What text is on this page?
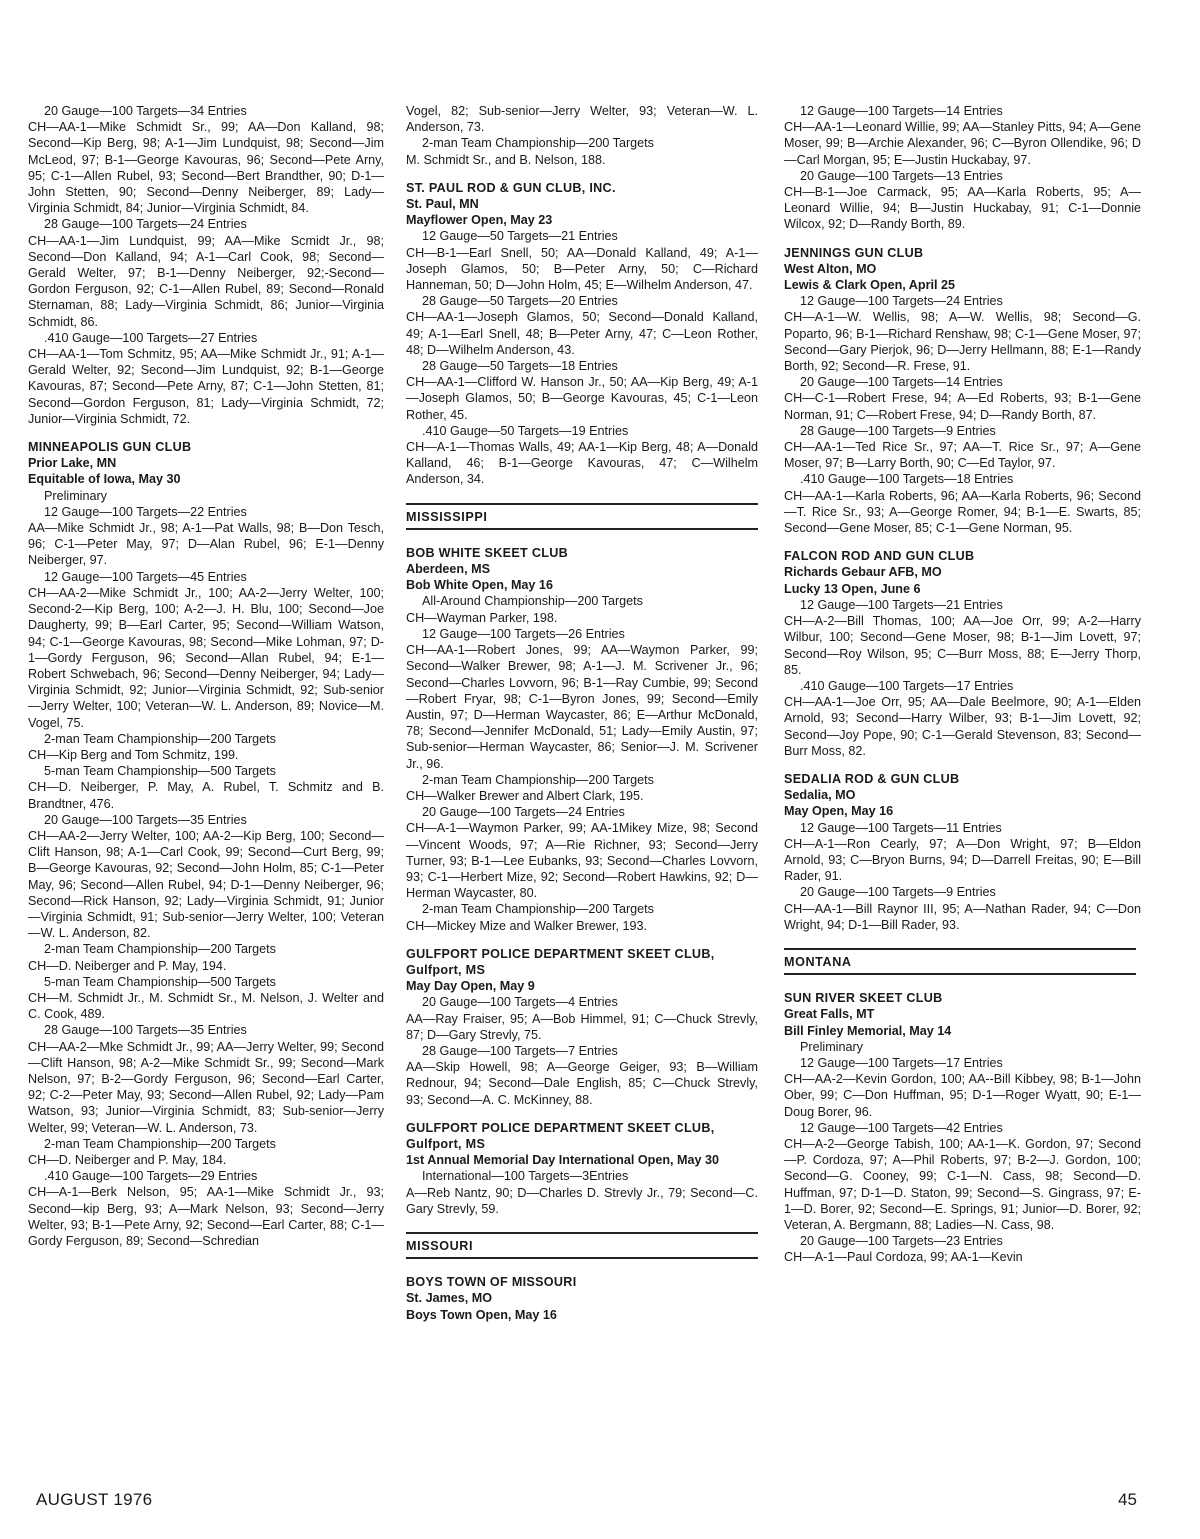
20 Gauge—100 Targets—34 Entries
CH—AA-1—Mike Schmidt Sr., 99; AA—Don Kalland, 98; Second—Kip Berg, 98; A-1—Jim Lundquist, 98; Second—Jim McLeod, 97; B-1—George Kavouras, 96; Second—Pete Arny, 95; C-1—Allen Rubel, 93; Second—Bert Brandther, 90; D-1—John Stetten, 90; Second—Denny Neiberger, 89; Lady—Virginia Schmidt, 84; Junior—Virginia Schmidt, 84.
28 Gauge—100 Targets—24 Entries
CH—AA-1—Jim Lundquist, 99; AA—Mike Scmidt Jr., 98; Second—Don Kalland, 94; A-1—Carl Cook, 98; Second—Gerald Welter, 97; B-1—Denny Neiberger, 92;-Second—Gordon Ferguson, 92; C-1—Allen Rubel, 89; Second—Ronald Sternaman, 88; Lady—Virginia Schmidt, 86; Junior—Virginia Schmidt, 86.
.410 Gauge—100 Targets—27 Entries
CH—AA-1—Tom Schmitz, 95; AA—Mike Schmidt Jr., 91; A-1—Gerald Welter, 92; Second—Jim Lundquist, 92; B-1—George Kavouras, 87; Second—Pete Arny, 87; C-1—John Stetten, 81; Second—Gordon Ferguson, 81; Lady—Virginia Schmidt, 72; Junior—Virginia Schmidt, 72.
MINNEAPOLIS GUN CLUB
Prior Lake, MN
Equitable of Iowa, May 30
Preliminary
12 Gauge—100 Targets—22 Entries
AA—Mike Schmidt Jr., 98; A-1—Pat Walls, 98; B—Don Tesch, 96; C-1—Peter May, 97; D—Alan Rubel, 96; E-1—Denny Neiberger, 97.
12 Gauge—100 Targets—45 Entries
CH—AA-2—Mike Schmidt Jr., 100; AA-2—Jerry Welter, 100; Second-2—Kip Berg, 100; A-2—J. H. Blu, 100; Second—Joe Daugherty, 99; B—Earl Carter, 95; Second—William Watson, 94; C-1—George Kavouras, 98; Second—Mike Lohman, 97; D-1—Gordy Ferguson, 96; Second—Allan Rubel, 94; E-1—Robert Schwebach, 96; Second—Denny Neiberger, 94; Lady—Virginia Schmidt, 92; Junior—Virginia Schmidt, 92; Sub-senior—Jerry Welter, 100; Veteran—W. L. Anderson, 89; Novice—M. Vogel, 75.
2-man Team Championship—200 Targets
CH—Kip Berg and Tom Schmitz, 199.
5-man Team Championship—500 Targets
CH—D. Neiberger, P. May, A. Rubel, T. Schmitz and B. Brandtner, 476.
20 Gauge—100 Targets—35 Entries
CH—AA-2—Jerry Welter, 100; AA-2—Kip Berg, 100; Second—Clift Hanson, 98; A-1—Carl Cook, 99; Second—Curt Berg, 99; B—George Kavouras, 92; Second—John Holm, 85; C-1—Peter May, 96; Second—Allen Rubel, 94; D-1—Denny Neiberger, 96; Second—Rick Hanson, 92; Lady—Virginia Schmidt, 91; Junior—Virginia Schmidt, 91; Sub-senior—Jerry Welter, 100; Veteran—W. L. Anderson, 82.
2-man Team Championship—200 Targets
CH—D. Neiberger and P. May, 194.
5-man Team Championship—500 Targets
CH—M. Schmidt Jr., M. Schmidt Sr., M. Nelson, J. Welter and C. Cook, 489.
28 Gauge—100 Targets—35 Entries
CH—AA-2—Mke Schmidt Jr., 99; AA—Jerry Welter, 99; Second—Clift Hanson, 98; A-2—Mike Schmidt Sr., 99; Second—Mark Nelson, 97; B-2—Gordy Ferguson, 96; Second—Earl Carter, 92; C-2—Peter May, 93; Second—Allen Rubel, 92; Lady—Pam Watson, 93; Junior—Virginia Schmidt, 83; Sub-senior—Jerry Welter, 99; Veteran—W. L. Anderson, 73.
2-man Team Championship—200 Targets
CH—D. Neiberger and P. May, 184.
.410 Gauge—100 Targets—29 Entries
CH—A-1—Berk Nelson, 95; AA-1—Mike Schmidt Jr., 93; Second—kip Berg, 93; A—Mark Nelson, 93; Second—Jerry Welter, 93; B-1—Pete Arny, 92; Second—Earl Carter, 88; C-1—Gordy Ferguson, 89; Second—Schredian
Vogel, 82; Sub-senior—Jerry Welter, 93; Veteran—W. L. Anderson, 73.
2-man Team Championship—200 Targets
M. Schmidt Sr., and B. Nelson, 188.
ST. PAUL ROD & GUN CLUB, INC.
St. Paul, MN
Mayflower Open, May 23
12 Gauge—50 Targets—21 Entries
CH—B-1—Earl Snell, 50; AA—Donald Kalland, 49; A-1—Joseph Glamos, 50; B—Peter Arny, 50; C—Richard Hanneman, 50; D—John Holm, 45; E—Wilhelm Anderson, 47.
28 Gauge—50 Targets—20 Entries
CH—AA-1—Joseph Glamos, 50; Second—Donald Kalland, 49; A-1—Earl Snell, 48; B—Peter Arny, 47; C—Leon Rother, 48; D—Wilhelm Anderson, 43.
28 Gauge—50 Targets—18 Entries
CH—AA-1—Clifford W. Hanson Jr., 50; AA—Kip Berg, 49; A-1—Joseph Glamos, 50; B—George Kavouras, 45; C-1—Leon Rother, 45.
.410 Gauge—50 Targets—19 Entries
CH—A-1—Thomas Walls, 49; AA-1—Kip Berg, 48; A—Donald Kalland, 46; B-1—George Kavouras, 47; C—Wilhelm Anderson, 34.
MISSISSIPPI
BOB WHITE SKEET CLUB
Aberdeen, MS
Bob White Open, May 16
All-Around Championship—200 Targets
CH—Wayman Parker, 198.
12 Gauge—100 Targets—26 Entries
CH—AA-1—Robert Jones, 99; AA—Waymon Parker, 99; Second—Walker Brewer, 98; A-1—J. M. Scrivener Jr., 96; Second—Charles Lovvorn, 96; B-1—Ray Cumbie, 99; Second—Robert Fryar, 98; C-1—Byron Jones, 99; Second—Emily Austin, 97; D—Herman Waycaster, 86; E—Arthur McDonald, 78; Second—Jennifer McDonald, 51; Lady—Emily Austin, 97; Sub-senior—Herman Waycaster, 86; Senior—J. M. Scrivener Jr., 96.
2-man Team Championship—200 Targets
CH—Walker Brewer and Albert Clark, 195.
20 Gauge—100 Targets—24 Entries
CH—A-1—Waymon Parker, 99; AA-1Mikey Mize, 98; Second—Vincent Woods, 97; A—Rie Richner, 93; Second—Jerry Turner, 93; B-1—Lee Eubanks, 93; Second—Charles Lovvorn, 93; C-1—Herbert Mize, 92; Second—Robert Hawkins, 92; D—Herman Waycaster, 80.
2-man Team Championship—200 Targets
CH—Mickey Mize and Walker Brewer, 193.
GULFPORT POLICE DEPARTMENT SKEET CLUB, Gulfport, MS
May Day Open, May 9
20 Gauge—100 Targets—4 Entries
AA—Ray Fraiser, 95; A—Bob Himmel, 91; C—Chuck Strevly, 87; D—Gary Strevly, 75.
28 Gauge—100 Targets—7 Entries
AA—Skip Howell, 98; A—George Geiger, 93; B—William Rednour, 94; Second—Dale English, 85; C—Chuck Strevly, 93; Second—A. C. McKinney, 88.
GULFPORT POLICE DEPARTMENT SKEET CLUB, Gulfport, MS
1st Annual Memorial Day International Open, May 30
International—100 Targets—3Entries
A—Reb Nantz, 90; D—Charles D. Strevly Jr., 79; Second—C. Gary Strevly, 59.
MISSOURI
BOYS TOWN OF MISSOURI
St. James, MO
Boys Town Open, May 16
12 Gauge—100 Targets—14 Entries
CH—AA-1—Leonard Willie, 99; AA—Stanley Pitts, 94; A—Gene Moser, 99; B—Archie Alexander, 96; C—Byron Ollendike, 96; D—Carl Morgan, 95; E—Justin Huckabay, 97.
20 Gauge—100 Targets—13 Entries
CH—B-1—Joe Carmack, 95; AA—Karla Roberts, 95; A—Leonard Willie, 94; B—Justin Huckabay, 91; C-1—Donnie Wilcox, 92; D—Randy Borth, 89.
JENNINGS GUN CLUB
West Alton, MO
Lewis & Clark Open, April 25
12 Gauge—100 Targets—24 Entries
CH—A-1—W. Wellis, 98; A—W. Wellis, 98; Second—G. Poparto, 96; B-1—Richard Renshaw, 98; C-1—Gene Moser, 97; Second—Gary Pierjok, 96; D—Jerry Hellmann, 88; E-1—Randy Borth, 92; Second—R. Frese, 91.
20 Gauge—100 Targets—14 Entries
CH—C-1—Robert Frese, 94; A—Ed Roberts, 93; B-1—Gene Norman, 91; C—Robert Frese, 94; D—Randy Borth, 87.
28 Gauge—100 Targets—9 Entries
CH—AA-1—Ted Rice Sr., 97; AA—T. Rice Sr., 97; A—Gene Moser, 97; B—Larry Borth, 90; C—Ed Taylor, 97.
.410 Gauge—100 Targets—18 Entries
CH—AA-1—Karla Roberts, 96; AA—Karla Roberts, 96; Second—T. Rice Sr., 93; A—George Romer, 94; B-1—E. Swarts, 85; Second—Gene Moser, 85; C-1—Gene Norman, 95.
FALCON ROD AND GUN CLUB
Richards Gebaur AFB, MO
Lucky 13 Open, June 6
12 Gauge—100 Targets—21 Entries
CH—A-2—Bill Thomas, 100; AA—Joe Orr, 99; A-2—Harry Wilbur, 100; Second—Gene Moser, 98; B-1—Jim Lovett, 97; Second—Roy Wilson, 95; C—Burr Moss, 88; E—Jerry Thorp, 85.
.410 Gauge—100 Targets—17 Entries
CH—AA-1—Joe Orr, 95; AA—Dale Beelmore, 90; A-1—Elden Arnold, 93; Second—Harry Wilber, 93; B-1—Jim Lovett, 92; Second—Joy Pope, 90; C-1—Gerald Stevenson, 83; Second—Burr Moss, 82.
SEDALIA ROD & GUN CLUB
Sedalia, MO
May Open, May 16
12 Gauge—100 Targets—11 Entries
CH—A-1—Ron Cearly, 97; A—Don Wright, 97; B—Eldon Arnold, 93; C—Bryon Burns, 94; D—Darrell Freitas, 90; E—Bill Rader, 91.
20 Gauge—100 Targets—9 Entries
CH—AA-1—Bill Raynor III, 95; A—Nathan Rader, 94; C—Don Wright, 94; D-1—Bill Rader, 93.
MONTANA
SUN RIVER SKEET CLUB
Great Falls, MT
Bill Finley Memorial, May 14
Preliminary
12 Gauge—100 Targets—17 Entries
CH—AA-2—Kevin Gordon, 100; AA--Bill Kibbey, 98; B-1—John Ober, 99; C—Don Huffman, 95; D-1—Roger Wyatt, 90; E-1—Doug Borer, 96.
12 Gauge—100 Targets—42 Entries
CH—A-2—George Tabish, 100; AA-1—K. Gordon, 97; Second—P. Cordoza, 97; A—Phil Roberts, 97; B-2—J. Gordon, 100; Second—G. Cooney, 99; C-1—N. Cass, 98; Second—D. Huffman, 97; D-1—D. Staton, 99; Second—S. Gingrass, 97; E-1—D. Borer, 92; Second—E. Springs, 91; Junior—D. Borer, 92; Veteran, A. Bergmann, 88; Ladies—N. Cass, 98.
20 Gauge—100 Targets—23 Entries
CH—A-1—Paul Cordoza, 99; AA-1—Kevin
AUGUST 1976	45
